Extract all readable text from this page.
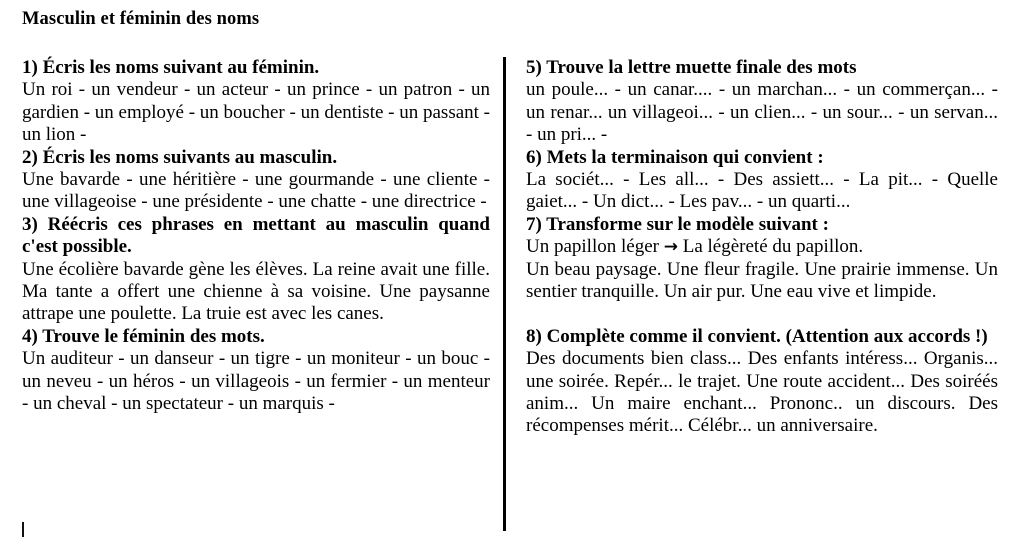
Masculin et féminin des noms
1) Écris les noms suivant au féminin.
Un roi - un vendeur - un acteur - un prince - un patron - un gardien - un employé - un boucher - un dentiste - un passant - un lion -
2) Écris les noms suivants au masculin.
Une bavarde - une héritière - une gourmande - une cliente - une villageoise - une présidente - une chatte - une directrice -
3) Réécris ces phrases en mettant au masculin quand c'est possible.
Une écolière bavarde gène les élèves. La reine avait une fille. Ma tante a offert une chienne à sa voisine. Une paysanne attrape une poulette. La truie est avec les canes.
4) Trouve le féminin des mots.
Un auditeur - un danseur - un tigre - un moniteur - un bouc - un neveu - un héros - un villageois - un fermier - un menteur - un cheval - un spectateur - un marquis -
5) Trouve la lettre muette finale des mots
un poule... - un canar.... - un marchan... - un commerçan... - un renar... un villageoi... - un clien... - un sour... - un servan... - un pri... -
6) Mets la terminaison qui convient :
La sociét... - Les all... - Des assiett... - La pit... - Quelle gaiet... - Un dict... - Les pav... - un quarti...
7) Transforme sur le modèle suivant :
Un papillon léger → La légèreté du papillon.
Un beau paysage. Une fleur fragile. Une prairie immense. Un sentier tranquille. Un air pur. Une eau vive et limpide.
8) Complète comme il convient. (Attention aux accords !)
Des documents bien class... Des enfants intéress... Organis... une soirée. Repér... le trajet. Une route accident... Des soiréés anim... Un maire enchant... Prononc.. un discours. Des récompenses mérit... Célébr... un anniversaire.
